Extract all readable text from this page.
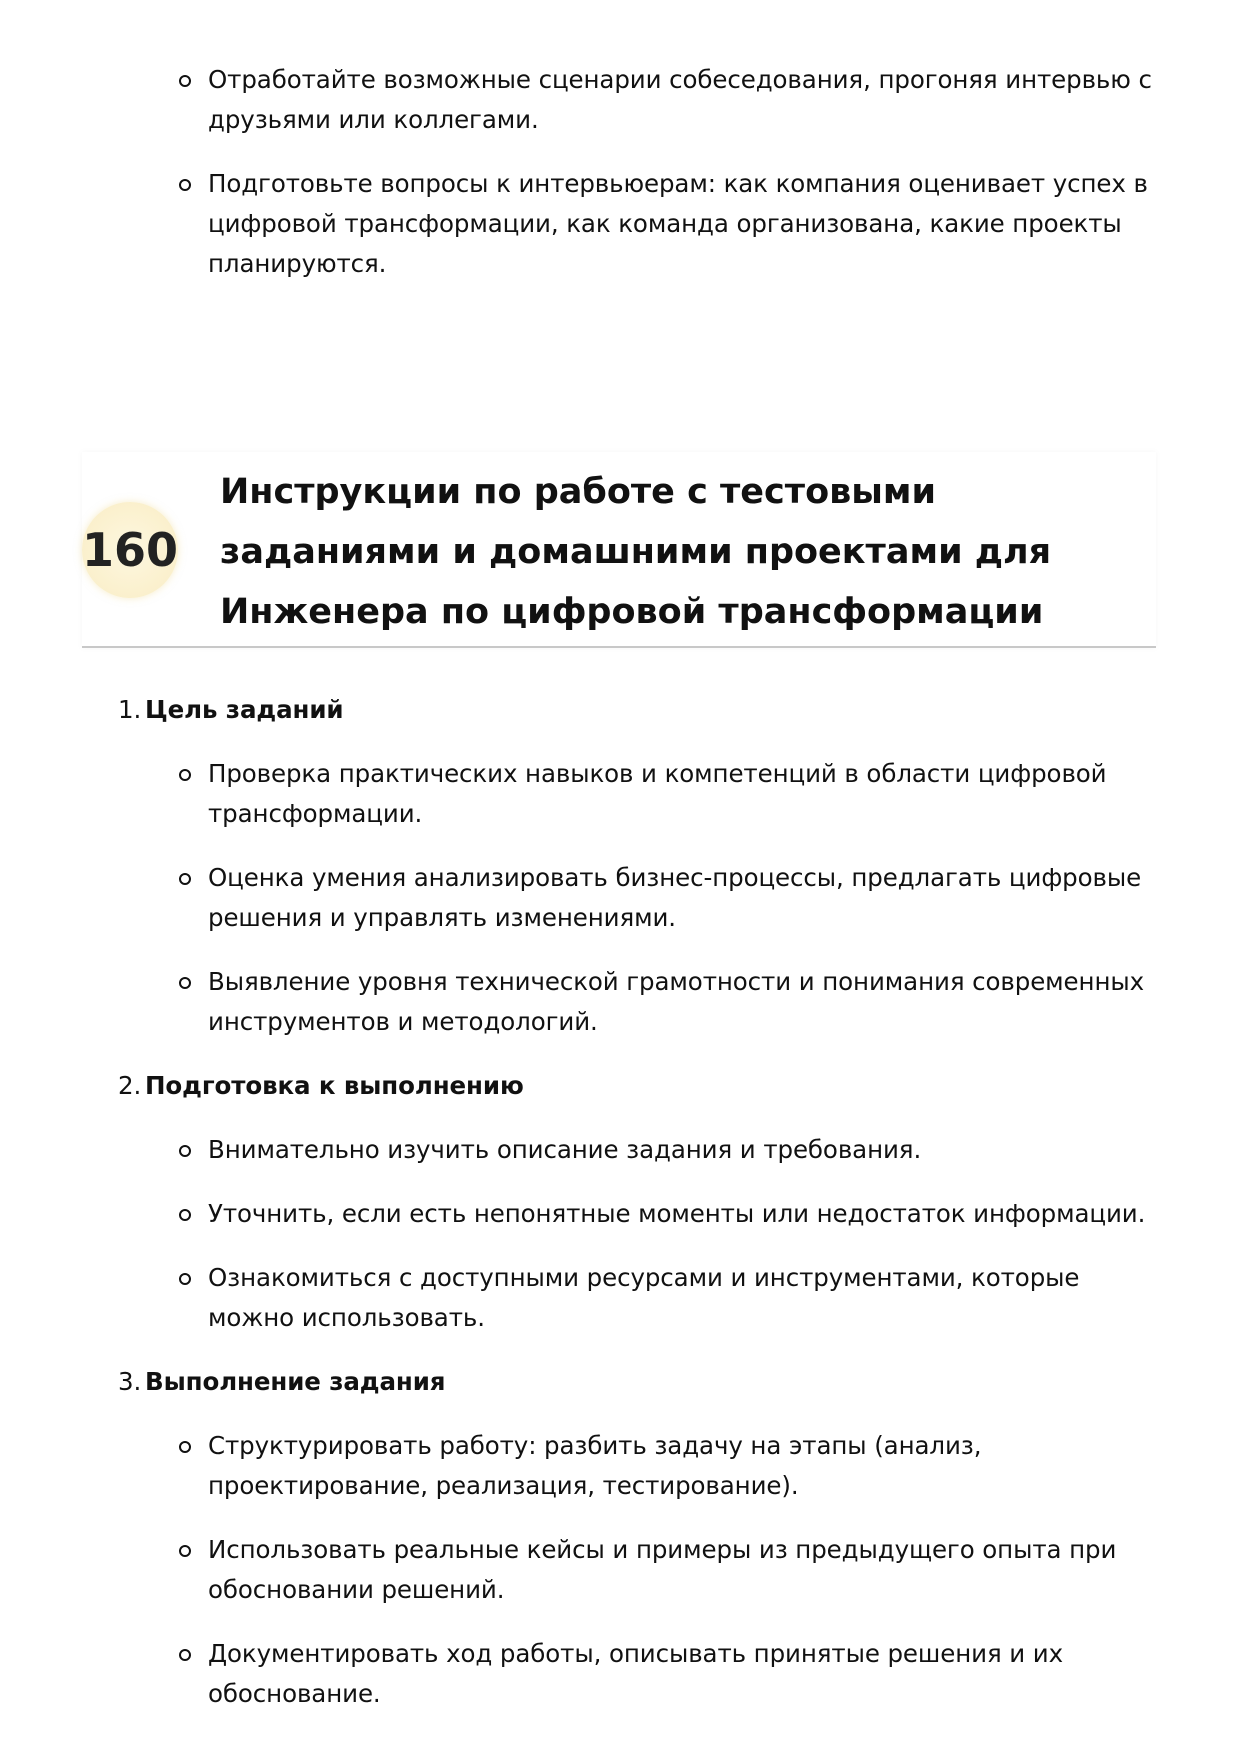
Отработайте возможные сценарии собеседования, прогоняя интервью с друзьями или коллегами.
Подготовьте вопросы к интервьюерам: как компания оценивает успех в цифровой трансформации, как команда организована, какие проекты планируются.
160
Инструкции по работе с тестовыми заданиями и домашними проектами для Инженера по цифровой трансформации
1. Цель заданий
Проверка практических навыков и компетенций в области цифровой трансформации.
Оценка умения анализировать бизнес-процессы, предлагать цифровые решения и управлять изменениями.
Выявление уровня технической грамотности и понимания современных инструментов и методологий.
2. Подготовка к выполнению
Внимательно изучить описание задания и требования.
Уточнить, если есть непонятные моменты или недостаток информации.
Ознакомиться с доступными ресурсами и инструментами, которые можно использовать.
3. Выполнение задания
Структурировать работу: разбить задачу на этапы (анализ, проектирование, реализация, тестирование).
Использовать реальные кейсы и примеры из предыдущего опыта при обосновании решений.
Документировать ход работы, описывать принятые решения и их обоснование.
